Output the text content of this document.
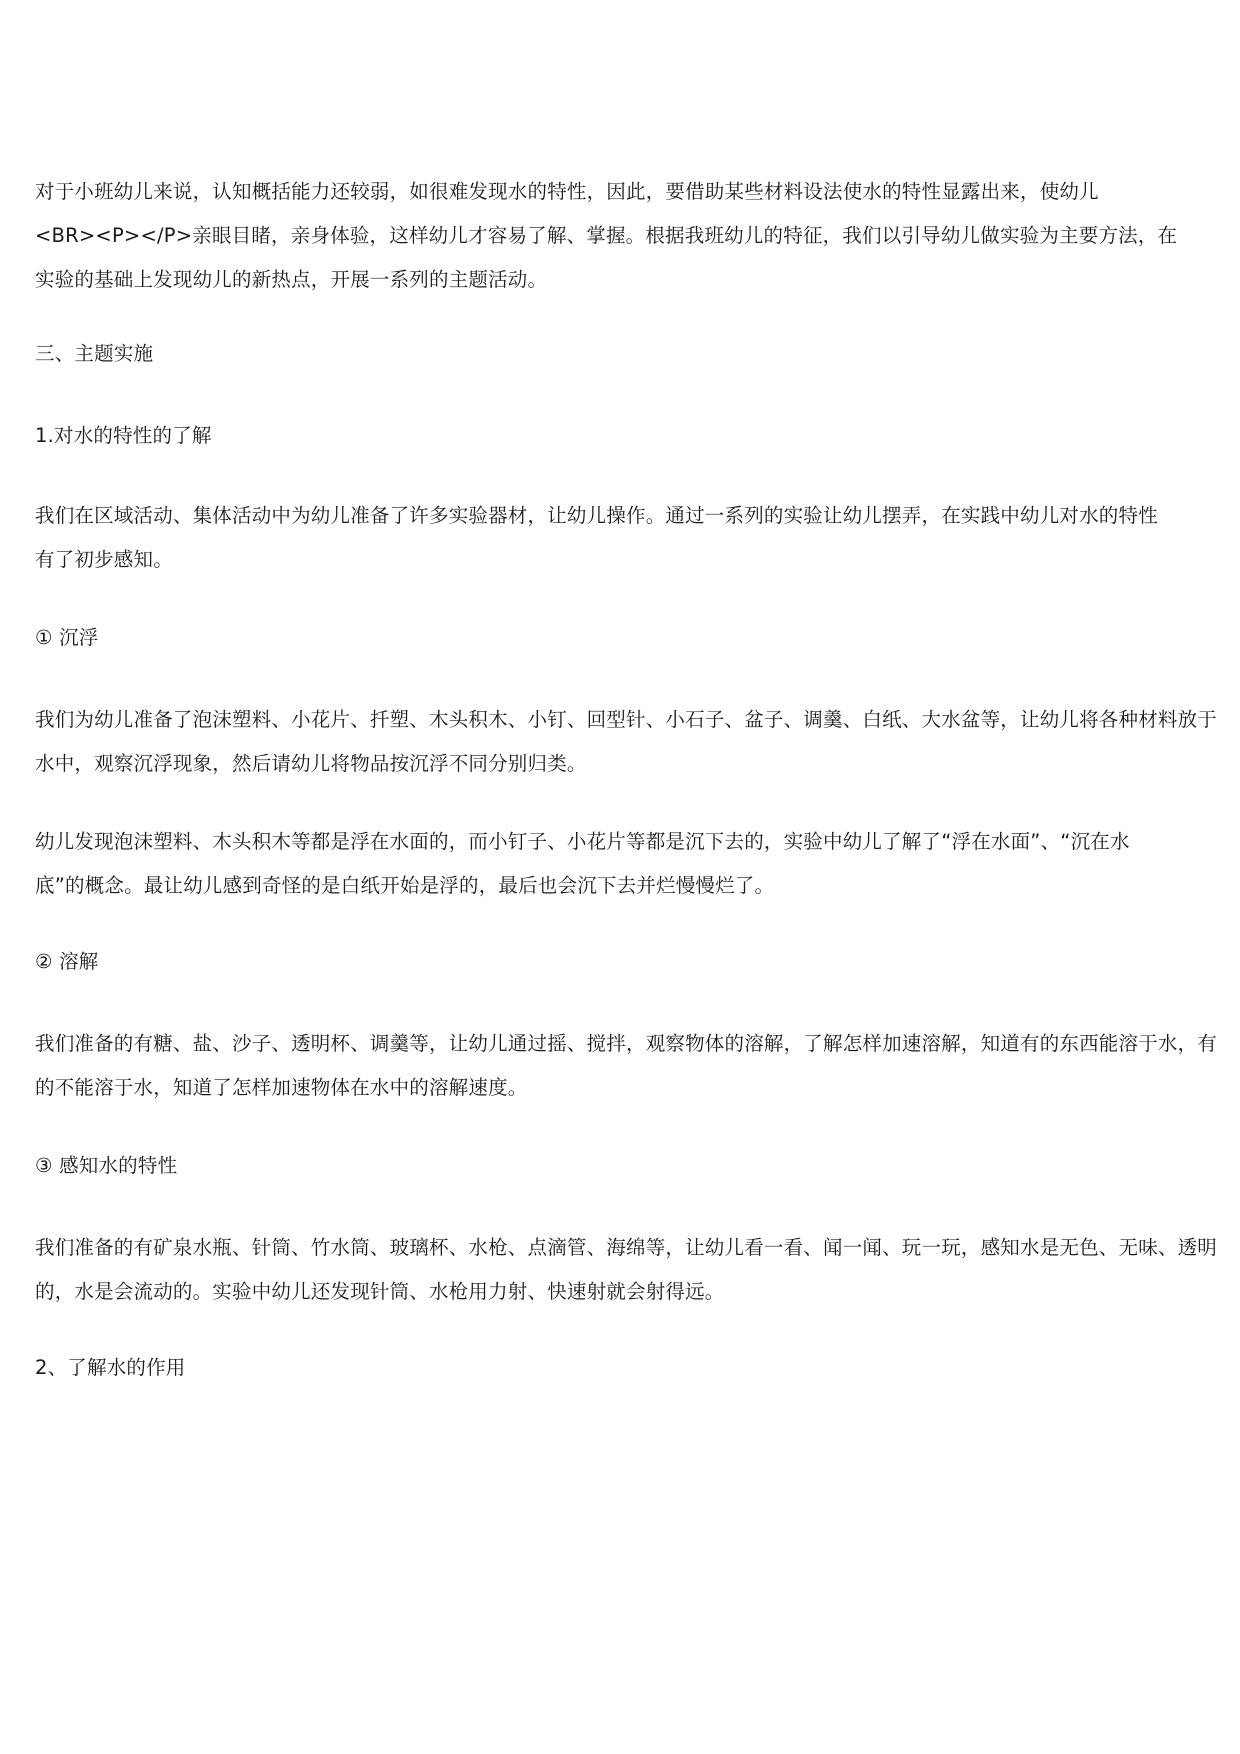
对于小班幼儿来说，认知概括能力还较弱，如很难发现水的特性，因此，要借助某些材料设法使水的特性显露出来，使幼儿
<BR><P></P>亲眼目睹，亲身体验，这样幼儿才容易了解、掌握。根据我班幼儿的特征，我们以引导幼儿做实验为主要方法，在
实验的基础上发现幼儿的新热点，开展一系列的主题活动。
三、主题实施
1.对水的特性的了解
我们在区域活动、集体活动中为幼儿准备了许多实验器材，让幼儿操作。通过一系列的实验让幼儿摆弄，在实践中幼儿对水的特性
有了初步感知。
① 沉浮
我们为幼儿准备了泡沫塑料、小花片、扦塑、木头积木、小钉、回型针、小石子、盆子、调羹、白纸、大水盆等，让幼儿将各种材料放于
水中，观察沉浮现象，然后请幼儿将物品按沉浮不同分别归类。
幼儿发现泡沫塑料、木头积木等都是浮在水面的，而小钉子、小花片等都是沉下去的，实验中幼儿了解了“浮在水面”、“沉在水
底”的概念。最让幼儿感到奇怪的是白纸开始是浮的，最后也会沉下去并烂慢慢烂了。
② 溶解
我们准备的有糖、盐、沙子、透明杯、调羹等，让幼儿通过摇、搅拌，观察物体的溶解，了解怎样加速溶解，知道有的东西能溶于水，有
的不能溶于水，知道了怎样加速物体在水中的溶解速度。
③ 感知水的特性
我们准备的有矿泉水瓶、针筒、竹水筒、玻璃杯、水枪、点滴管、海绵等，让幼儿看一看、闻一闻、玩一玩，感知水是无色、无味、透明
的，水是会流动的。实验中幼儿还发现针筒、水枪用力射、快速射就会射得远。
2、了解水的作用
